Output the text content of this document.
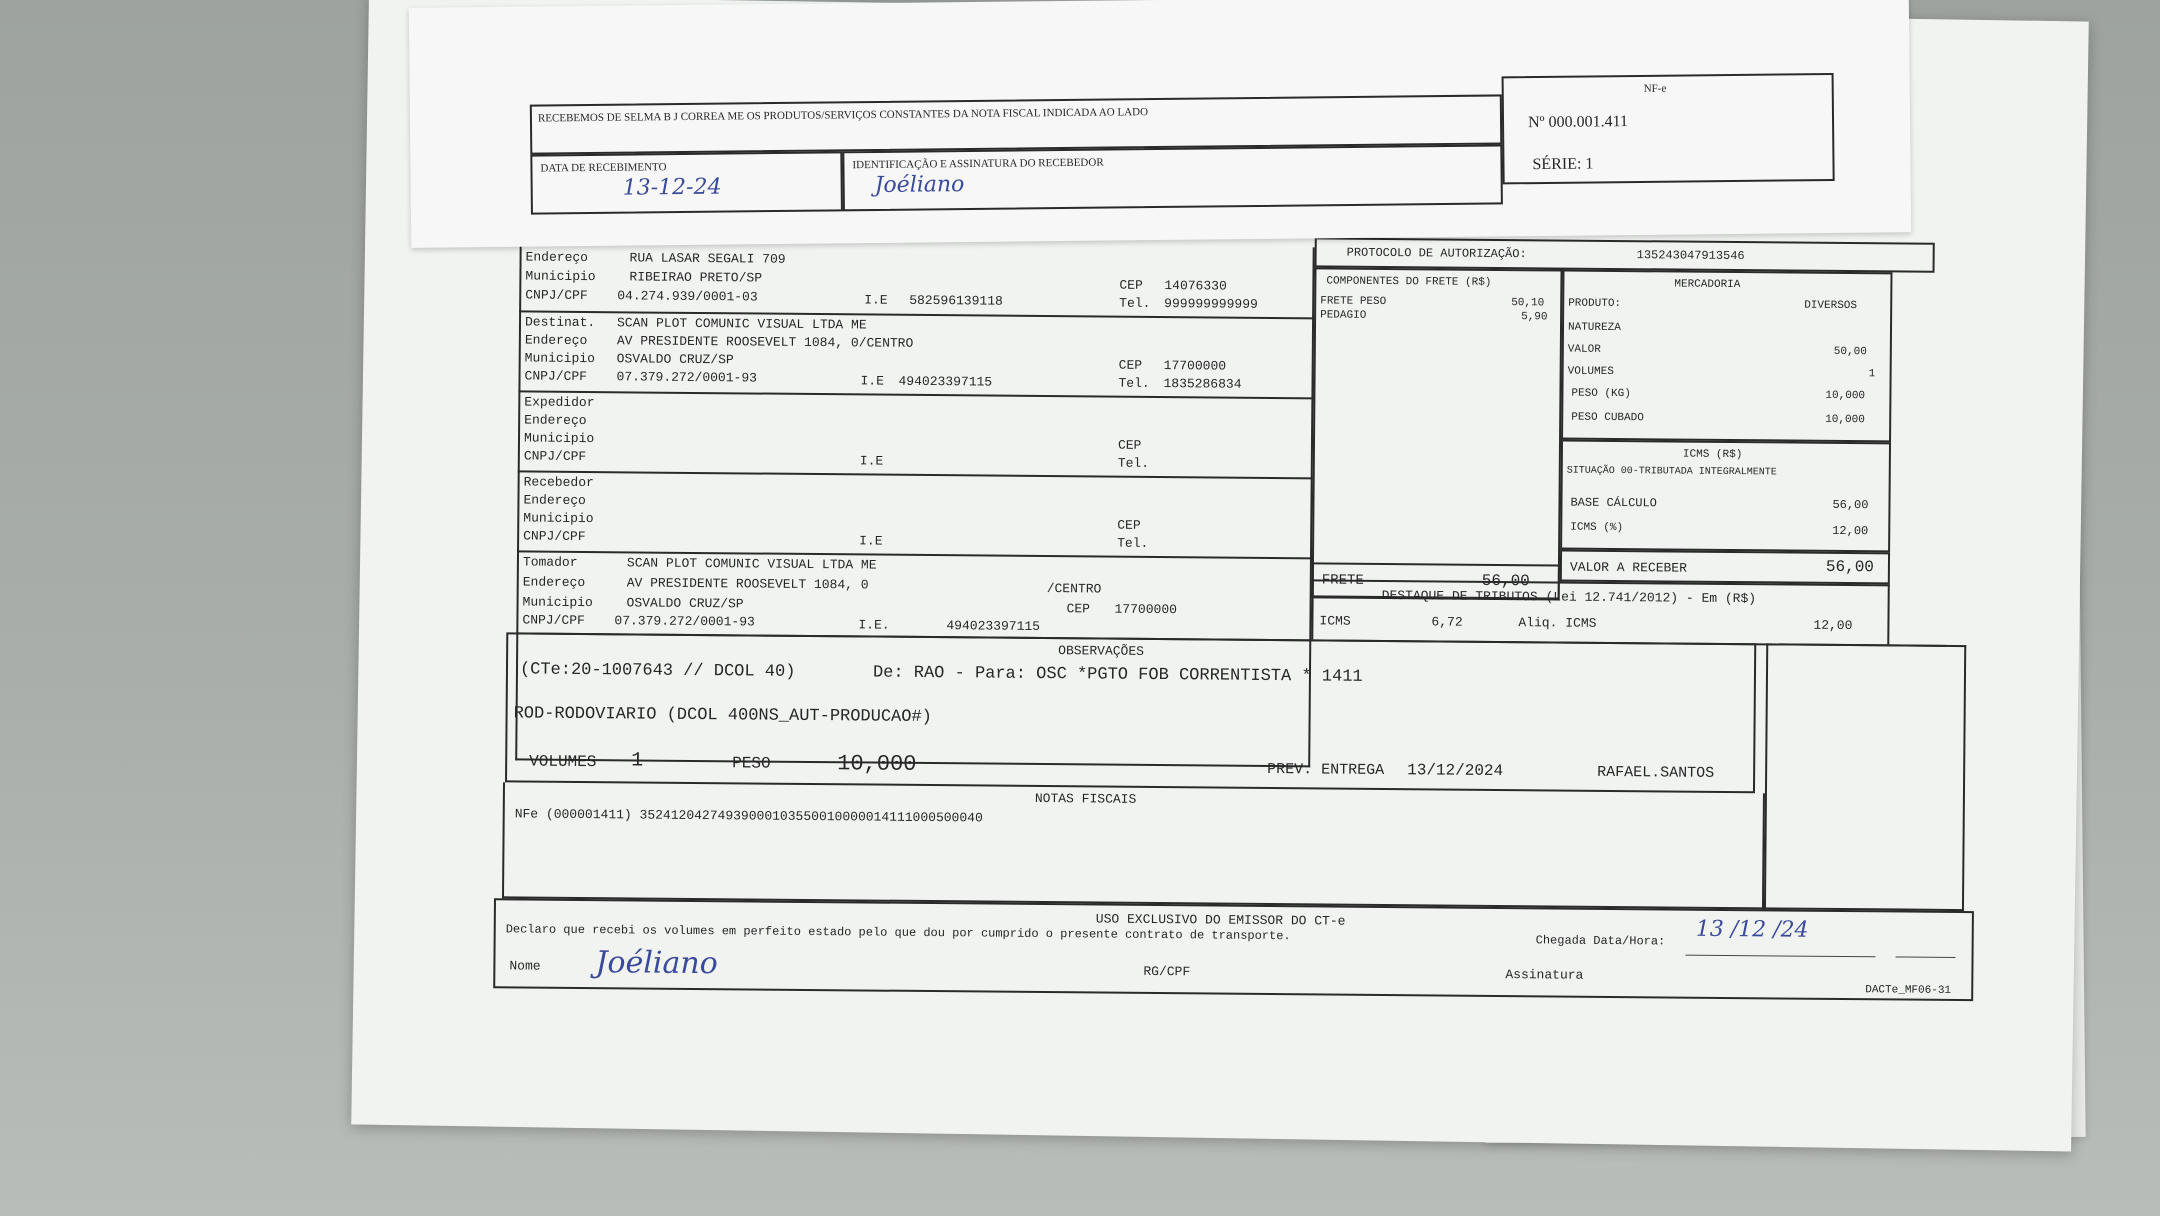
RECEBEMOS DE SELMA B J CORREA ME OS PRODUTOS/SERVIÇOS CONSTANTES DA NOTA FISCAL INDICADA AO LADO
NF-e
Nº 000.001.411
SÉRIE: 1
DATA DE RECEBIMENTO
13-12-24
IDENTIFICAÇÃO E ASSINATURA DO RECEBEDOR
Joéliano
PROTOCOLO DE AUTORIZAÇÃO:	135243047913546
Endereço	RUA LASAR SEGALI 709
Municipio	RIBEIRAO PRETO/SP
CNPJ/CPF 04.274.939/0001-03	I.E 582596139118
CEP 14076330
Tel. 999999999999
Destinat. SCAN PLOT COMUNIC VISUAL LTDA ME
Endereço AV PRESIDENTE ROOSEVELT 1084, 0/CENTRO
Municipio OSVALDO CRUZ/SP
CNPJ/CPF 07.379.272/0001-93	I.E 494023397115
CEP 17700000
Tel. 1835286834
Expedidor
Endereço
Municipio
CNPJ/CPF	I.E
CEP
Tel.
Recebedor
Endereço
Municipio
CNPJ/CPF	I.E
CEP
Tel.
Tomador	SCAN PLOT COMUNIC VISUAL LTDA ME
Endereço	AV PRESIDENTE ROOSEVELT 1084, 0	/CENTRO
Municipio	OSVALDO CRUZ/SP
CNPJ/CPF 07.379.272/0001-93	I.E.	494023397115
CEP 17700000
COMPONENTES DO FRETE (R$)
FRETE PESO	50,10
PEDAGIO	5,90
FRETE	56,00
MERCADORIA
PRODUTO:	DIVERSOS
NATUREZA
VALOR	50,00
VOLUMES	1
PESO (KG)	10,000
PESO CUBADO	10,000
ICMS (R$)
SITUAÇÃO 00-TRIBUTADA INTEGRALMENTE
BASE CÁLCULO	56,00
ICMS (%)	12,00
VALOR A RECEBER	56,00
DESTAQUE DE TRIBUTOS (Lei 12.741/2012) - Em (R$)
ICMS	6,72	Aliq. ICMS	12,00
OBSERVAÇÕES
(CTe:20-1007643 // DCOL 40)	De: RAO - Para: OSC *PGTO FOB CORRENTISTA * 1411
ROD-RODOVIARIO (DCOL 400NS_AUT-PRODUCAO#)
VOLUMES 1	PESO	10,000	PREV. ENTREGA 13/12/2024	RAFAEL.SANTOS
NOTAS FISCAIS
NFe (000001411) 35241204274939000103550010000014111000500040
USO EXCLUSIVO DO EMISSOR DO CT-e
Declaro que recebi os volumes em perfeito estado pelo que dou por cumprido o presente contrato de transporte.	Chegada Data/Hora: 13 /12 /24
Nome Joéliano	RG/CPF	Assinatura
DACTe_MF06-31
